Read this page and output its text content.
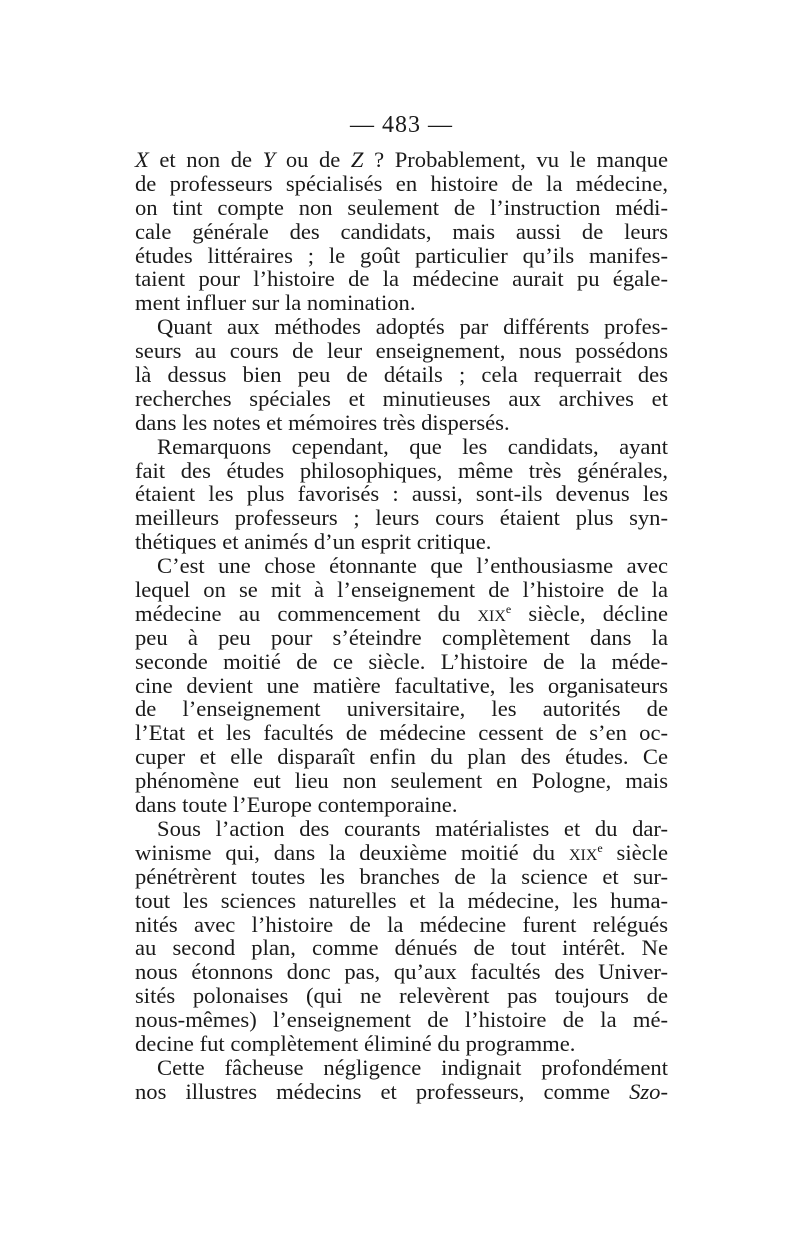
— 483 —
X et non de Y ou de Z ? Probablement, vu le manque
de professeurs spécialisés en histoire de la médecine,
on tint compte non seulement de l’instruction médi-
cale générale des candidats, mais aussi de leurs
études littéraires ; le goût particulier qu’ils manifes-
taient pour l’histoire de la médecine aurait pu égale-
ment influer sur la nomination.
Quant aux méthodes adoptés par différents profes-
seurs au cours de leur enseignement, nous possédons
là dessus bien peu de détails ; cela requerrait des
recherches spéciales et minutieuses aux archives et
dans les notes et mémoires très dispersés.
Remarquons cependant, que les candidats, ayant
fait des études philosophiques, même très générales,
étaient les plus favorisés : aussi, sont-ils devenus les
meilleurs professeurs ; leurs cours étaient plus syn-
thétiques et animés d’un esprit critique.
C’est une chose étonnante que l’enthousiasme avec
lequel on se mit à l’enseignement de l’histoire de la
médecine au commencement du xix$^e$ siècle, décline
peu à peu pour s’éteindre complètement dans la
seconde moitié de ce siècle. L’histoire de la méde-
cine devient une matière facultative, les organisateurs
de l’enseignement universitaire, les autorités de
l’Etat et les facultés de médecine cessent de s’en oc-
cuper et elle disparaît enfin du plan des études. Ce
phénomène eut lieu non seulement en Pologne, mais
dans toute l’Europe contemporaine.
Sous l’action des courants matérialistes et du dar-
winisme qui, dans la deuxième moitié du xix$^e$ siècle
pénétrèrent toutes les branches de la science et sur-
tout les sciences naturelles et la médecine, les huma-
nités avec l’histoire de la médecine furent relégués
au second plan, comme dénués de tout intérêt. Ne
nous étonnons donc pas, qu’aux facultés des Univer-
sités polonaises (qui ne relevèrent pas toujours de
nous-mêmes) l’enseignement de l’histoire de la mé-
decine fut complètement éliminé du programme.
Cette fâcheuse négligence indignait profondément
nos illustres médecins et professeurs, comme Szo-
